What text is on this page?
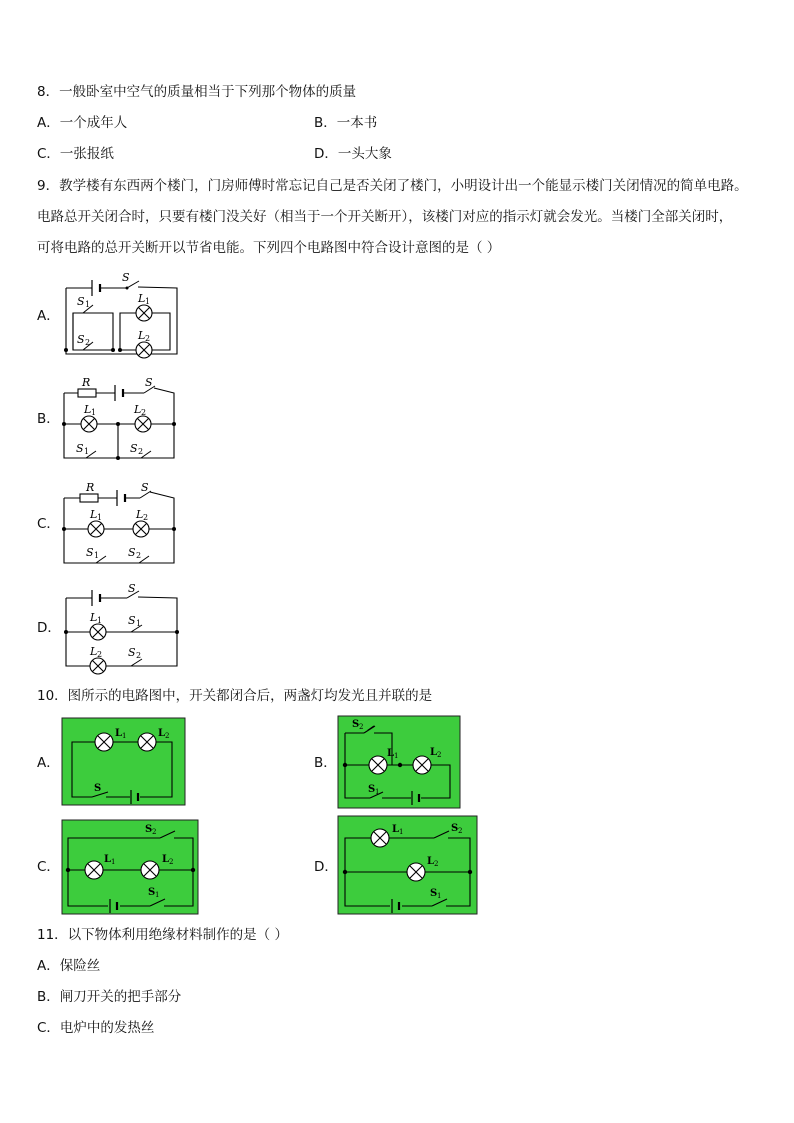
8．一般卧室中空气的质量相当于下列那个物体的质量
A．一个成年人	B．一本书
C．一张报纸	D．一头大象
9．教学楼有东西两个楼门，门房师傅时常忘记自己是否关闭了楼门，小明设计出一个能显示楼门关闭情况的简单电路。
电路总开关闭合时，只要有楼门没关好（相当于一个开关断开），该楼门对应的指示灯就会发光。当楼门全部关闭时，
可将电路的总开关断开以节省电能。下列四个电路图中符合设计意图的是（ ）
A．
B．
C．
D．
S
S 1
S 2
L 1
L 2
R	S
L 1	L 2
S 1	S 2
R	S
L 1	L 2
S 1	S 2
S
L 1 S 1
L 2 S 2
10．图所示的电路图中，开关都闭合后，两盏灯均发光且并联的是
A．	B．
C．	D．
L 1	L 2
S
S 2
L 1	L 2
S 1
S 2
L 1	L 2
S 1
L 1	S 2
L 2
S 1
11．以下物体利用绝缘材料制作的是（ ）
A．保险丝
B．闸刀开关的把手部分
C．电炉中的发热丝
